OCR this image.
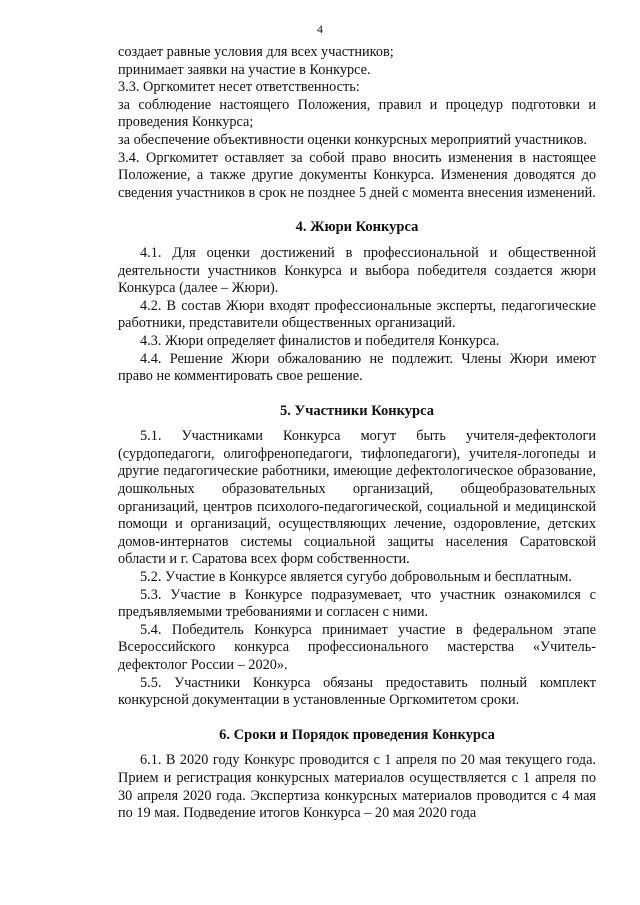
4

создает равные условия для всех участников;

принимает заявки на участие в Конкурсе.

3.3. Оргкомитет несет ответственность:

за соблюдение настоящего Положения, правил и процедур подготовки и проведения Конкурса;

за обеспечение объективности оценки конкурсных мероприятий участников.

3.4. Оргкомитет оставляет за собой право вносить изменения в настоящее Положение, а также другие документы Конкурса. Изменения доводятся до сведения участников в срок не позднее 5 дней с момента внесения изменений.

4. Жюри Конкурса

4.1. Для оценки достижений в профессиональной и общественной деятельности участников Конкурса и выбора победителя создается жюри Конкурса (далее – Жюри).

4.2. В состав Жюри входят профессиональные эксперты, педагогические работники, представители общественных организаций.

4.3. Жюри определяет финалистов и победителя Конкурса.

4.4. Решение Жюри обжалованию не подлежит. Члены Жюри имеют право не комментировать свое решение.

5. Участники Конкурса

5.1. Участниками Конкурса могут быть учителя-дефектологи (сурдопедагоги, олигофренопедагоги, тифлопедагоги), учителя-логопеды и другие педагогические работники, имеющие дефектологическое образование, дошкольных образовательных организаций, общеобразовательных организаций, центров психолого-педагогической, социальной и медицинской помощи и организаций, осуществляющих лечение, оздоровление, детских домов-интернатов системы социальной защиты населения Саратовской области и г. Саратова всех форм собственности.

5.2. Участие в Конкурсе является сугубо добровольным и бесплатным.

5.3. Участие в Конкурсе подразумевает, что участник ознакомился с предъявляемыми требованиями и согласен с ними.

5.4. Победитель Конкурса принимает участие в федеральном этапе Всероссийского конкурса профессионального мастерства «Учитель-дефектолог России – 2020».

5.5. Участники Конкурса обязаны предоставить полный комплект конкурсной документации в установленные Оргкомитетом сроки.

6. Сроки и Порядок проведения Конкурса

6.1. В 2020 году Конкурс проводится с 1 апреля по 20 мая текущего года. Прием и регистрация конкурсных материалов осуществляется с 1 апреля по 30 апреля 2020 года. Экспертиза конкурсных материалов проводится с 4 мая по 19 мая. Подведение итогов Конкурса – 20 мая 2020 года
